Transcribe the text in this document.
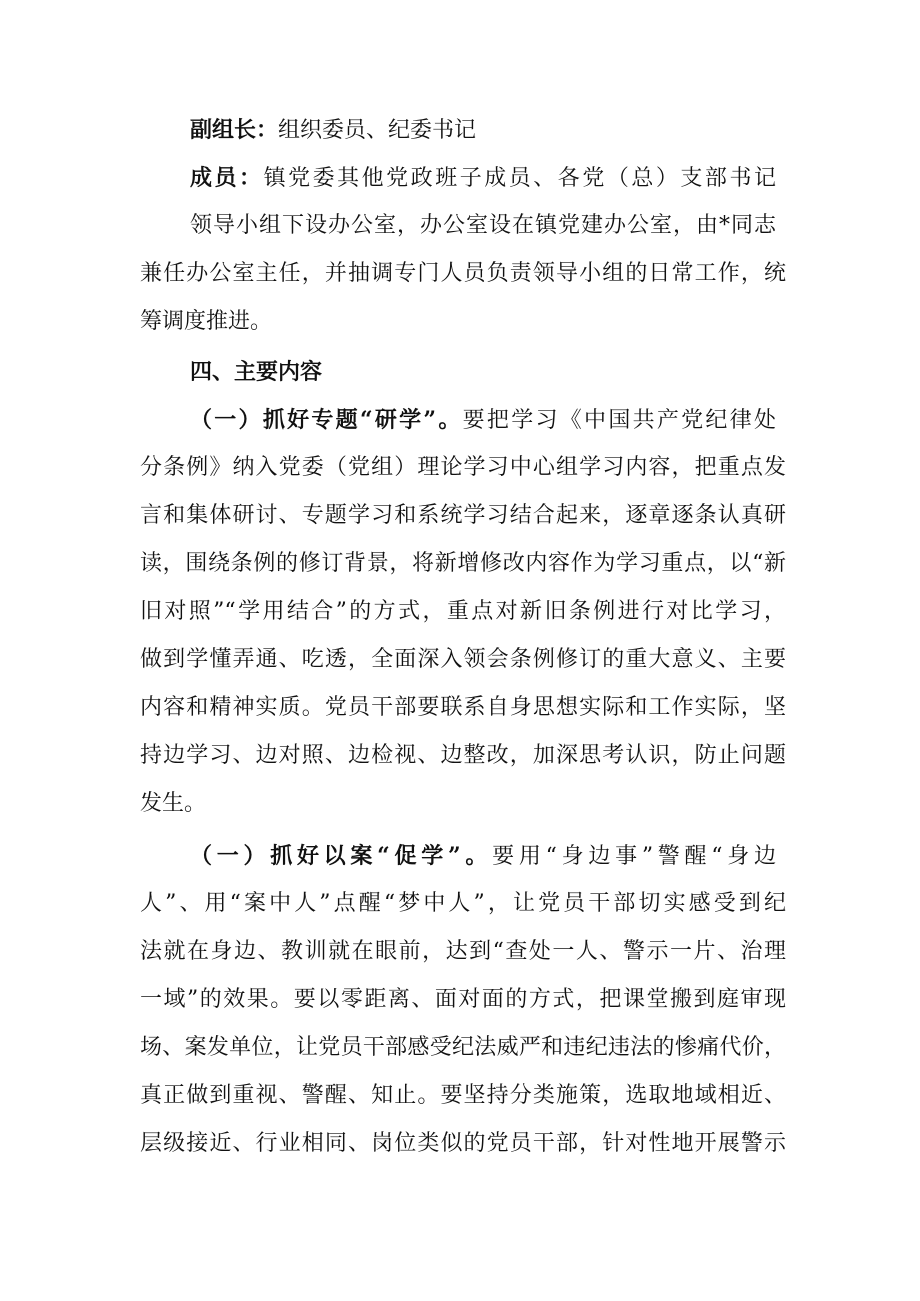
副组长：组织委员、纪委书记
成员：镇党委其他党政班子成员、各党（总）支部书记
领导小组下设办公室，办公室设在镇党建办公室，由*同志
兼任办公室主任，并抽调专门人员负责领导小组的日常工作，统
筹调度推进。
四、主要内容
（一）抓好专题“研学”。要把学习《中国共产党纪律处
分条例》纳入党委（党组）理论学习中心组学习内容，把重点发
言和集体研讨、专题学习和系统学习结合起来，逐章逐条认真研
读，围绕条例的修订背景，将新增修改内容作为学习重点，以“新
旧对照”“学用结合”的方式，重点对新旧条例进行对比学习，
做到学懂弄通、吃透，全面深入领会条例修订的重大意义、主要
内容和精神实质。党员干部要联系自身思想实际和工作实际，坚
持边学习、边对照、边检视、边整改，加深思考认识，防止问题
发生。
（一）抓好以案“促学”。要用“身边事”警醒“身边
人”、用“案中人”点醒“梦中人”，让党员干部切实感受到纪
法就在身边、教训就在眼前，达到“查处一人、警示一片、治理
一域”的效果。要以零距离、面对面的方式，把课堂搬到庭审现
场、案发单位，让党员干部感受纪法威严和违纪违法的惨痛代价，
真正做到重视、警醒、知止。要坚持分类施策，选取地域相近、
层级接近、行业相同、岗位类似的党员干部，针对性地开展警示
